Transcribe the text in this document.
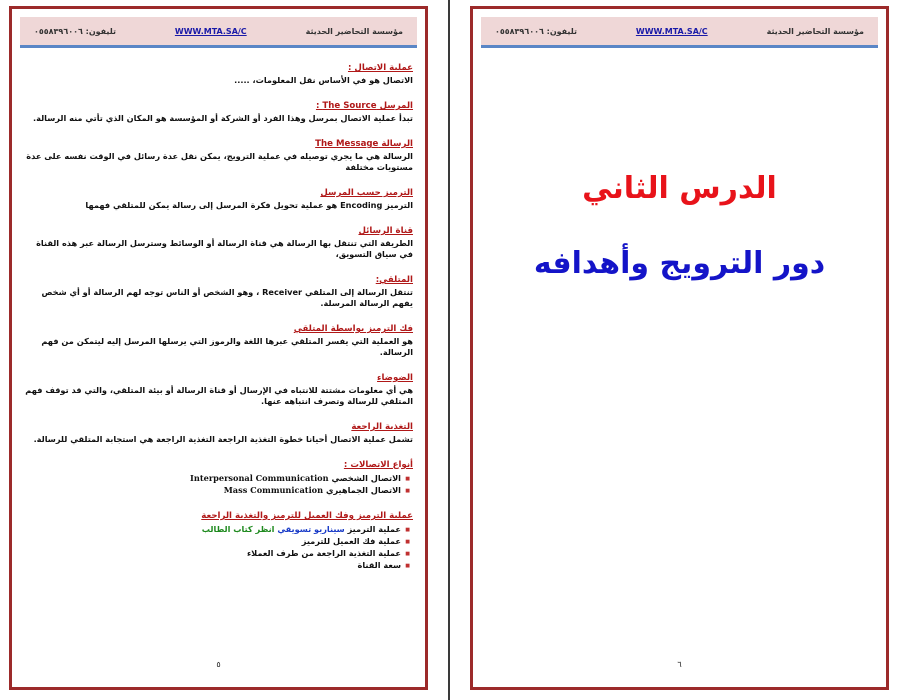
مؤسسة التحاضير الحديثة
WWW.MTA.SA/C
تليفون: ٠٥٥٨٣٩٦٠٠٦
عملية الاتصال :
الاتصال هو في الأساس نقل المعلومات، .....
المرسل The Source :
تبدأ عملية الاتصال بمرسل وهذا الفرد أو الشركة أو المؤسسة هو المكان الذي تأتي منه الرسالة.
الرسالة The Message
الرسالة هي ما يجري توصيله في عملية الترويج، يمكن نقل عدة رسائل في الوقت نفسه على عدة مستويات مختلفة
الترميز حسب المرسل
الترميز Encoding هو عملية تحويل فكرة المرسل إلى رسالة يمكن للمتلقي فهمها
قناة الرسائل
الطريقة التي تنتقل بها الرسالة هي قناة الرسالة أو الوسائط وسترسل الرسالة عبر هذه القناة في سياق التسويق،
المتلقي:
تنتقل الرسالة إلى المتلقي Receiver ، وهو الشخص أو الناس توجه لهم الرسالة أو أي شخص يفهم الرسالة المرسلة.
فك الترميز بواسطة المتلقي
هو العملية التي يفسر المتلقي عبرها اللغة والرموز التي يرسلها المرسل إليه ليتمكن من فهم الرسالة.
الضوضاء
هي أي معلومات مشتتة للانتباه في الإرسال أو قناة الرسالة أو بيئة المتلقي، والتي قد توقف فهم المتلقي للرسالة وتصرف انتباهه عنها.
التغذية الراجعة
تشمل عملية الاتصال أحيانا خطوة التغذية الراجعة التغذية الراجعة هي استجابة المتلقي للرسالة.
أنواع الاتصالات :
■ الاتصال الشخصي Interpersonal Communication
■ الاتصال الجماهيري Mass Communication
عملية الترميز وفك العميل للترميز والتغذية الراجعة
■ عملية الترميز سيناريو تسويقي انظر كتاب الطالب
■ عملية فك العميل للترميز
■ عملية التغذية الراجعة من طرف العملاء
■ سعة القناة
٥
مؤسسة التحاضير الحديثة
WWW.MTA.SA/C
تليفون: ٠٥٥٨٣٩٦٠٠٦
الدرس الثاني
دور الترويج وأهدافه
٦
